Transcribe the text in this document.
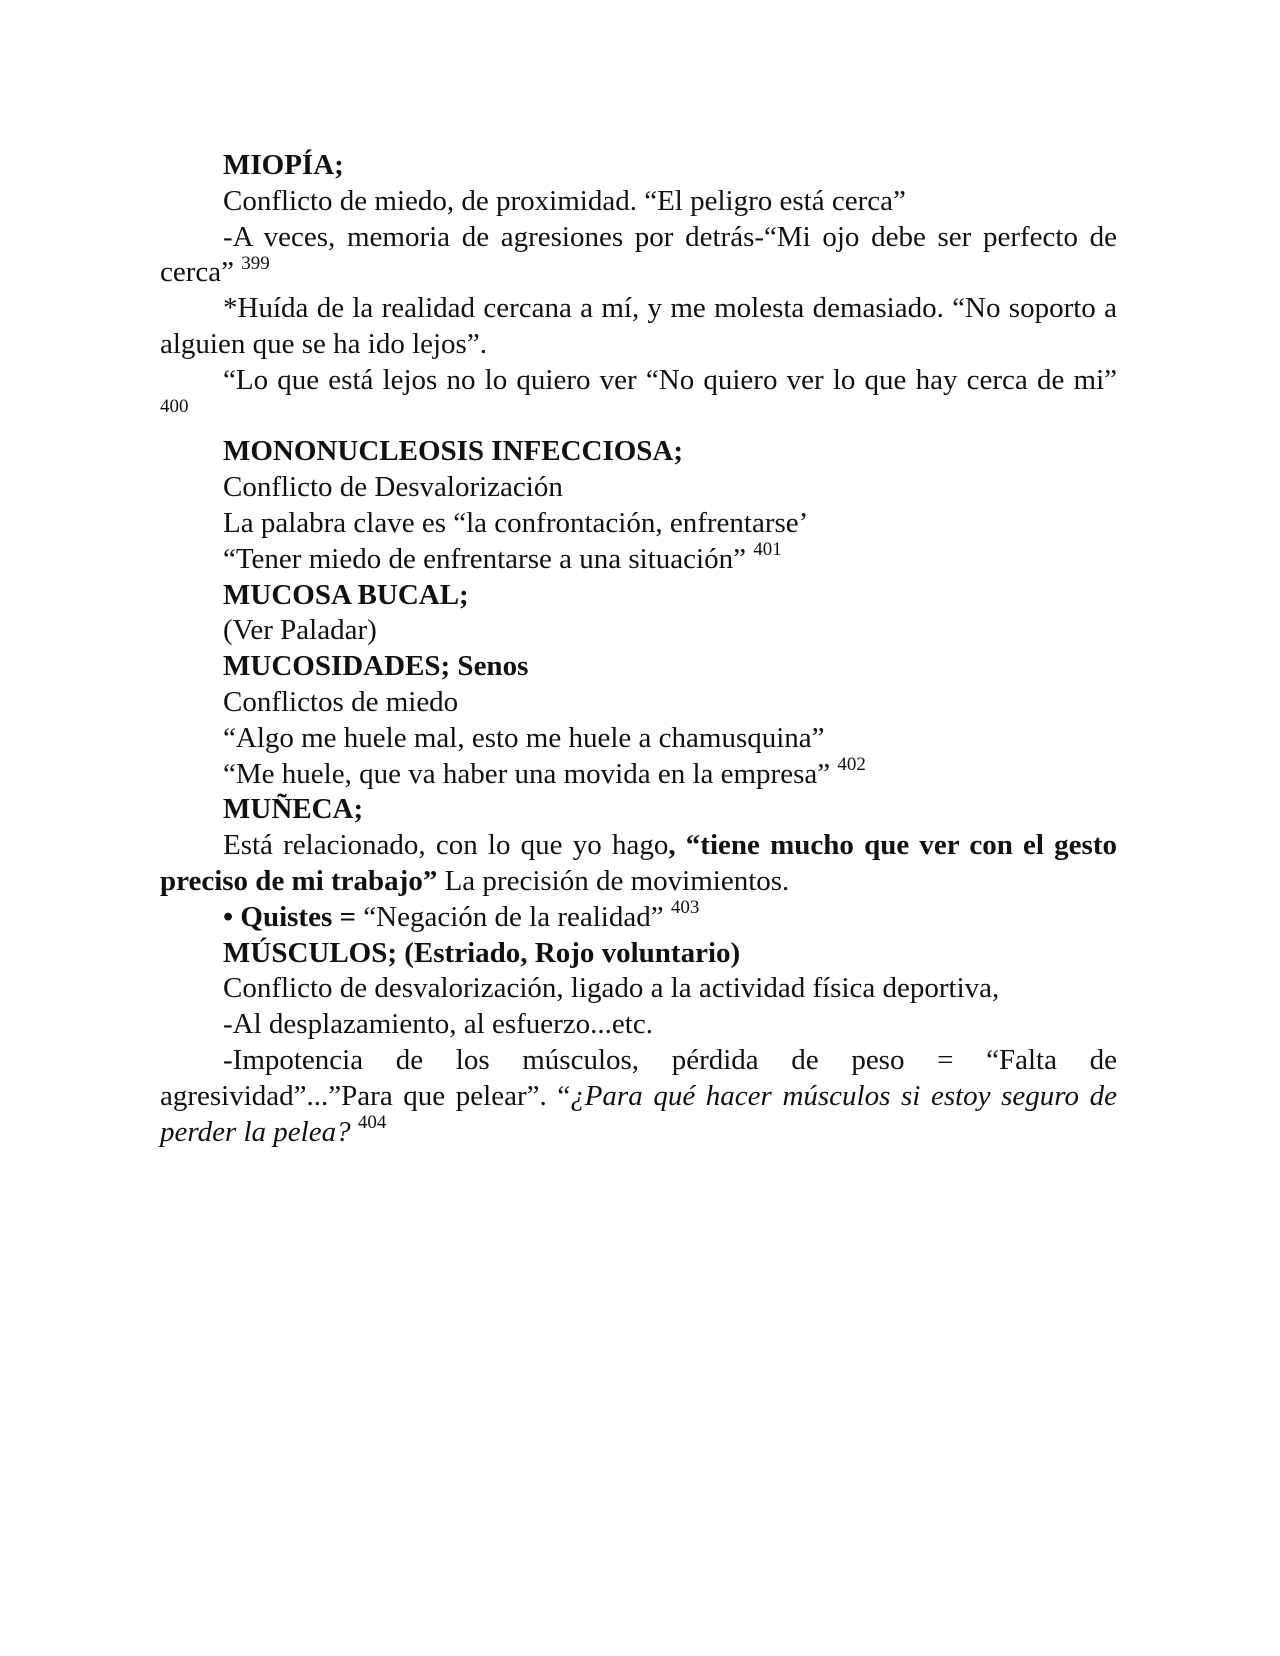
MIOPÍA;

Conflicto de miedo, de proximidad. “El peligro está cerca”

-A veces, memoria de agresiones por detrás-“Mi ojo debe ser perfecto de cerca” $^{399}$

*Huída de la realidad cercana a mí, y me molesta demasiado. “No soporto a alguien que se ha ido lejos”.

“Lo que está lejos no lo quiero ver “No quiero ver lo que hay cerca de mi” $^{400}$

MONONUCLEOSIS INFECCIOSA;

Conflicto de Desvalorización

La palabra clave es “la confrontación, enfrentarse’

“Tener miedo de enfrentarse a una situación” $^{401}$

MUCOSA BUCAL;

(Ver Paladar)

MUCOSIDADES; Senos

Conflictos de miedo

“Algo me huele mal, esto me huele a chamusquina”

“Me huele, que va haber una movida en la empresa” $^{402}$

MUÑECA;

Está relacionado, con lo que yo hago, “tiene mucho que ver con el gesto preciso de mi trabajo” La precisión de movimientos.

• Quistes = “Negación de la realidad” $^{403}$

MÚSCULOS; (Estriado, Rojo voluntario)

Conflicto de desvalorización, ligado a la actividad física deportiva,

-Al desplazamiento, al esfuerzo...etc.

-Impotencia de los músculos, pérdida de peso = “Falta de agresividad”...”Para que pelear”. “¿Para qué hacer músculos si estoy seguro de perder la pelea? $^{404}$
